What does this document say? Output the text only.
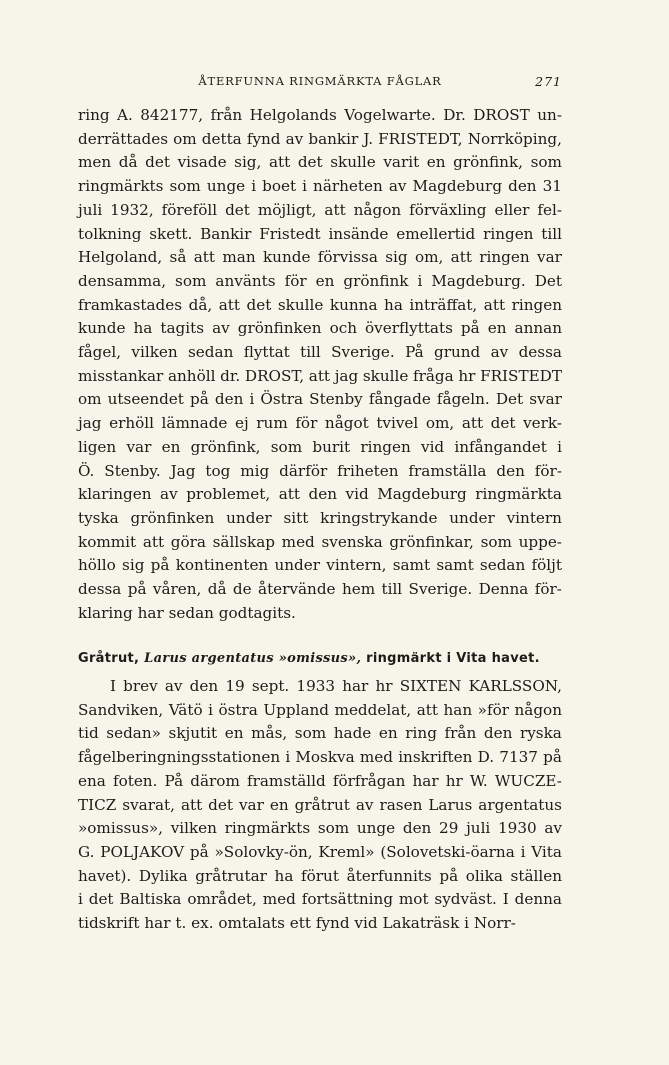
ÅTERFUNNA RINGMÄRKTA FÅGLAR	271
ring A. 842177, från Helgolands Vogelwarte. Dr. DROST un-
derrättades om detta fynd av bankir J. FRISTEDT, Norrköping,
men då det visade sig, att det skulle varit en grönfink, som
ringmärkts som unge i boet i närheten av Magdeburg den 31
juli 1932, föreföll det möjligt, att någon förväxling eller fel-
tolkning skett. Bankir Fristedt insände emellertid ringen till
Helgoland, så att man kunde förvissa sig om, att ringen var
densamma, som använts för en grönfink i Magdeburg. Det
framkastades då, att det skulle kunna ha inträffat, att ringen
kunde ha tagits av grönfinken och överflyttats på en annan
fågel, vilken sedan flyttat till Sverige. På grund av dessa
misstankar anhöll dr. DROST, att jag skulle fråga hr FRISTEDT
om utseendet på den i Östra Stenby fångade fågeln. Det svar
jag erhöll lämnade ej rum för något tvivel om, att det verk-
ligen var en grönfink, som burit ringen vid infångandet i
Ö. Stenby. Jag tog mig därför friheten framställa den för-
klaringen av problemet, att den vid Magdeburg ringmärkta
tyska grönfinken under sitt kringstrykande under vintern
kommit att göra sällskap med svenska grönfinkar, som uppe-
höllo sig på kontinenten under vintern, samt samt sedan följt
dessa på våren, då de återvände hem till Sverige. Denna för-
klaring har sedan godtagits.
Gråtrut, Larus argentatus »omissus», ringmärkt i Vita havet.
I brev av den 19 sept. 1933 har hr SIXTEN KARLSSON,
Sandviken, Vätö i östra Uppland meddelat, att han »för någon
tid sedan» skjutit en mås, som hade en ring från den ryska
fågelberingningsstationen i Moskva med inskriften D. 7137 på
ena foten. På därom framställd förfrågan har hr W. WUCZE-
TICZ svarat, att det var en gråtrut av rasen Larus argentatus
»omissus», vilken ringmärkts som unge den 29 juli 1930 av
G. POLJAKOV på »Solovky-ön, Kreml» (Solovetski-öarna i Vita
havet). Dylika gråtrutar ha förut återfunnits på olika ställen
i det Baltiska området, med fortsättning mot sydväst. I denna
tidskrift har t. ex. omtalats ett fynd vid Lakaträsk i Norr-
